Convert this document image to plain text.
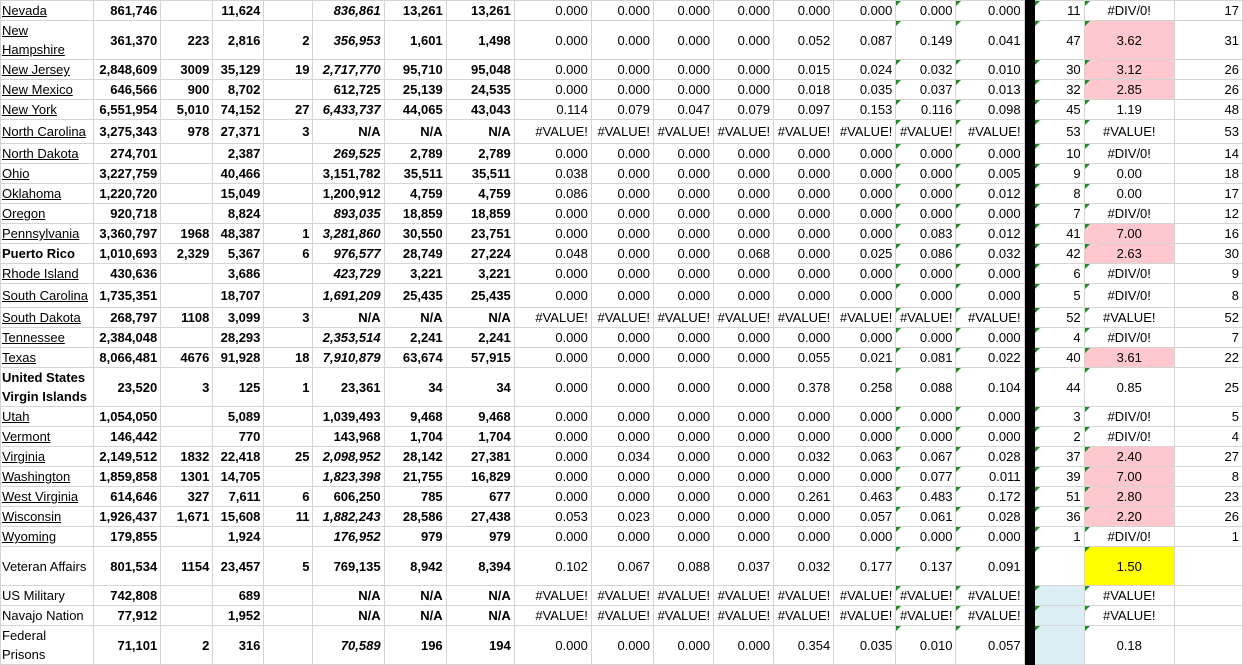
Nevada	861,746		11,624		836,861	13,261	13,261	0.000	0.000	0.000	0.000	0.000	0.000	0.000	0.000		11	#DIV/0!	17
New Hampshire	361,370	223	2,816	2	356,953	1,601	1,498	0.000	0.000	0.000	0.000	0.052	0.087	0.149	0.041		47	3.62	31
New Jersey	2,848,609	3009	35,129	19	2,717,770	95,710	95,048	0.000	0.000	0.000	0.000	0.015	0.024	0.032	0.010		30	3.12	26
New Mexico	646,566	900	8,702		612,725	25,139	24,535	0.000	0.000	0.000	0.000	0.018	0.035	0.037	0.013		32	2.85	26
New York	6,551,954	5,010	74,152	27	6,433,737	44,065	43,043	0.114	0.079	0.047	0.079	0.097	0.153	0.116	0.098		45	1.19	48
North Carolina	3,275,343	978	27,371	3	N/A	N/A	N/A	#VALUE!	#VALUE!	#VALUE!	#VALUE!	#VALUE!	#VALUE!	#VALUE!	#VALUE!		53	#VALUE!	53
North Dakota	274,701		2,387		269,525	2,789	2,789	0.000	0.000	0.000	0.000	0.000	0.000	0.000	0.000		10	#DIV/0!	14
Ohio	3,227,759		40,466		3,151,782	35,511	35,511	0.038	0.000	0.000	0.000	0.000	0.000	0.000	0.005		9	0.00	18
Oklahoma	1,220,720		15,049		1,200,912	4,759	4,759	0.086	0.000	0.000	0.000	0.000	0.000	0.000	0.012		8	0.00	17
Oregon	920,718		8,824		893,035	18,859	18,859	0.000	0.000	0.000	0.000	0.000	0.000	0.000	0.000		7	#DIV/0!	12
Pennsylvania	3,360,797	1968	48,387	1	3,281,860	30,550	23,751	0.000	0.000	0.000	0.000	0.000	0.000	0.083	0.012		41	7.00	16
Puerto Rico	1,010,693	2,329	5,367	6	976,577	28,749	27,224	0.048	0.000	0.000	0.068	0.000	0.025	0.086	0.032		42	2.63	30
Rhode Island	430,636		3,686		423,729	3,221	3,221	0.000	0.000	0.000	0.000	0.000	0.000	0.000	0.000		6	#DIV/0!	9
South Carolina	1,735,351		18,707		1,691,209	25,435	25,435	0.000	0.000	0.000	0.000	0.000	0.000	0.000	0.000		5	#DIV/0!	8
South Dakota	268,797	1108	3,099	3	N/A	N/A	N/A	#VALUE!	#VALUE!	#VALUE!	#VALUE!	#VALUE!	#VALUE!	#VALUE!	#VALUE!		52	#VALUE!	52
Tennessee	2,384,048		28,293		2,353,514	2,241	2,241	0.000	0.000	0.000	0.000	0.000	0.000	0.000	0.000		4	#DIV/0!	7
Texas	8,066,481	4676	91,928	18	7,910,879	63,674	57,915	0.000	0.000	0.000	0.000	0.055	0.021	0.081	0.022		40	3.61	22
United States Virgin Islands	23,520	3	125	1	23,361	34	34	0.000	0.000	0.000	0.000	0.378	0.258	0.088	0.104		44	0.85	25
Utah	1,054,050		5,089		1,039,493	9,468	9,468	0.000	0.000	0.000	0.000	0.000	0.000	0.000	0.000		3	#DIV/0!	5
Vermont	146,442		770		143,968	1,704	1,704	0.000	0.000	0.000	0.000	0.000	0.000	0.000	0.000		2	#DIV/0!	4
Virginia	2,149,512	1832	22,418	25	2,098,952	28,142	27,381	0.000	0.034	0.000	0.000	0.032	0.063	0.067	0.028		37	2.40	27
Washington	1,859,858	1301	14,705		1,823,398	21,755	16,829	0.000	0.000	0.000	0.000	0.000	0.000	0.077	0.011		39	7.00	8
West Virginia	614,646	327	7,611	6	606,250	785	677	0.000	0.000	0.000	0.000	0.261	0.463	0.483	0.172		51	2.80	23
Wisconsin	1,926,437	1,671	15,608	11	1,882,243	28,586	27,438	0.053	0.023	0.000	0.000	0.000	0.057	0.061	0.028		36	2.20	26
Wyoming	179,855		1,924		176,952	979	979	0.000	0.000	0.000	0.000	0.000	0.000	0.000	0.000		1	#DIV/0!	1
Veteran Affairs	801,534	1154	23,457	5	769,135	8,942	8,394	0.102	0.067	0.088	0.037	0.032	0.177	0.137	0.091			1.50	
US Military	742,808		689		N/A	N/A	N/A	#VALUE!	#VALUE!	#VALUE!	#VALUE!	#VALUE!	#VALUE!	#VALUE!	#VALUE!			#VALUE!	
Navajo Nation	77,912		1,952		N/A	N/A	N/A	#VALUE!	#VALUE!	#VALUE!	#VALUE!	#VALUE!	#VALUE!	#VALUE!	#VALUE!			#VALUE!	
Federal Prisons	71,101	2	316		70,589	196	194	0.000	0.000	0.000	0.000	0.354	0.035	0.010	0.057			0.18	
